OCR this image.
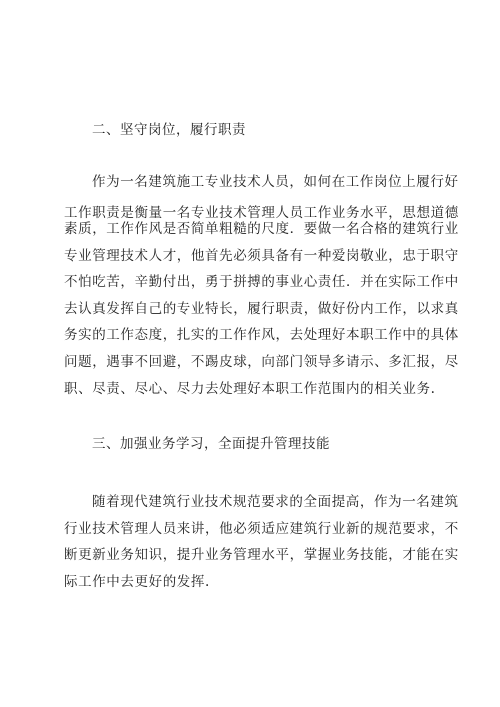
二、坚守岗位，履行职责
作为一名建筑施工专业技术人员，如何在工作岗位上履行好
工作职责是衡量一名专业技术管理人员工作业务水平，思想道德
素质，工作作风是否简单粗糙的尺度．要做一名合格的建筑行业
专业管理技术人才，他首先必须具备有一种爱岗敬业，忠于职守
不怕吃苦，辛勤付出，勇于拼搏的事业心责任．并在实际工作中
去认真发挥自己的专业特长，履行职责，做好份内工作，以求真
务实的工作态度，扎实的工作作风，去处理好本职工作中的具体
问题，遇事不回避，不踢皮球，向部门领导多请示、多汇报，尽
职、尽责、尽心、尽力去处理好本职工作范围内的相关业务.
三、加强业务学习，全面提升管理技能
随着现代建筑行业技术规范要求的全面提高，作为一名建筑
行业技术管理人员来讲，他必须适应建筑行业新的规范要求，不
断更新业务知识，提升业务管理水平，掌握业务技能，才能在实
际工作中去更好的发挥.
